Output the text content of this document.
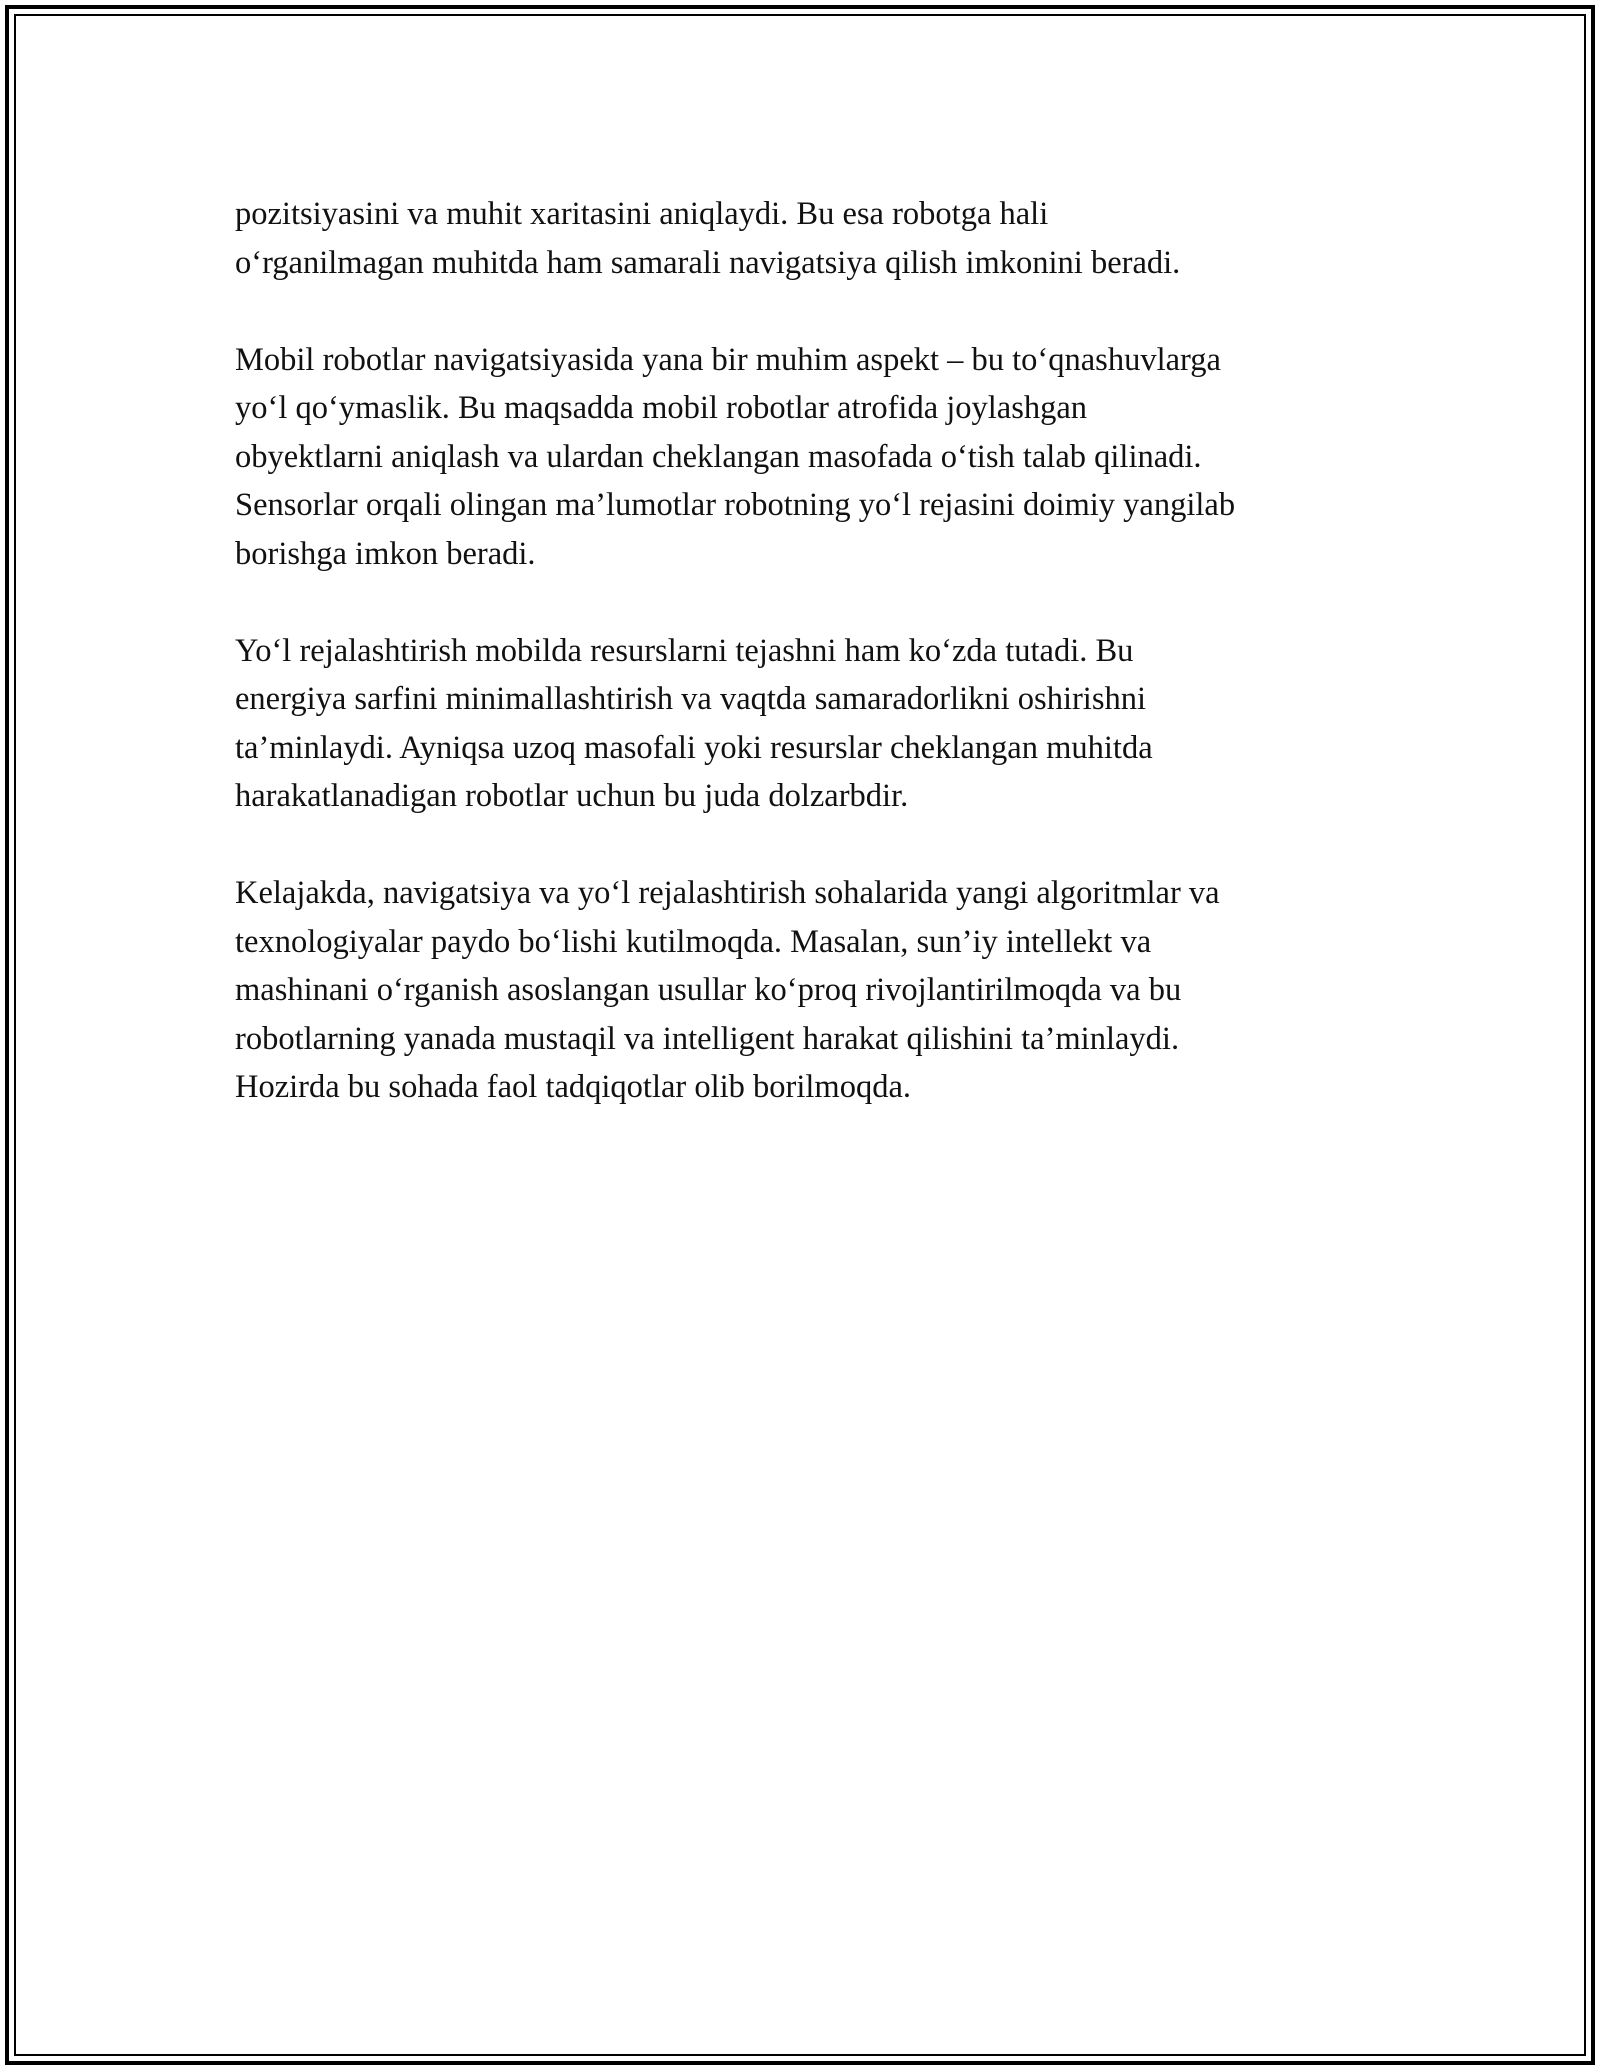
pozitsiyasini va muhit xaritasini aniqlaydi. Bu esa robotga hali
o‘rganilmagan muhitda ham samarali navigatsiya qilish imkonini beradi.

Mobil robotlar navigatsiyasida yana bir muhim aspekt – bu to‘qnashuvlarga
yo‘l qo‘ymaslik. Bu maqsadda mobil robotlar atrofida joylashgan
obyektlarni aniqlash va ulardan cheklangan masofada o‘tish talab qilinadi.
Sensorlar orqali olingan ma’lumotlar robotning yo‘l rejasini doimiy yangilab
borishga imkon beradi.

Yo‘l rejalashtirish mobilda resurslarni tejashni ham ko‘zda tutadi. Bu
energiya sarfini minimallashtirish va vaqtda samaradorlikni oshirishni
ta’minlaydi. Ayniqsa uzoq masofali yoki resurslar cheklangan muhitda
harakatlanadigan robotlar uchun bu juda dolzarbdir.

Kelajakda, navigatsiya va yo‘l rejalashtirish sohalarida yangi algoritmlar va
texnologiyalar paydo bo‘lishi kutilmoqda. Masalan, sun’iy intellekt va
mashinani o‘rganish asoslangan usullar ko‘proq rivojlantirilmoqda va bu
robotlarning yanada mustaqil va intelligent harakat qilishini ta’minlaydi.
Hozirda bu sohada faol tadqiqotlar olib borilmoqda.
